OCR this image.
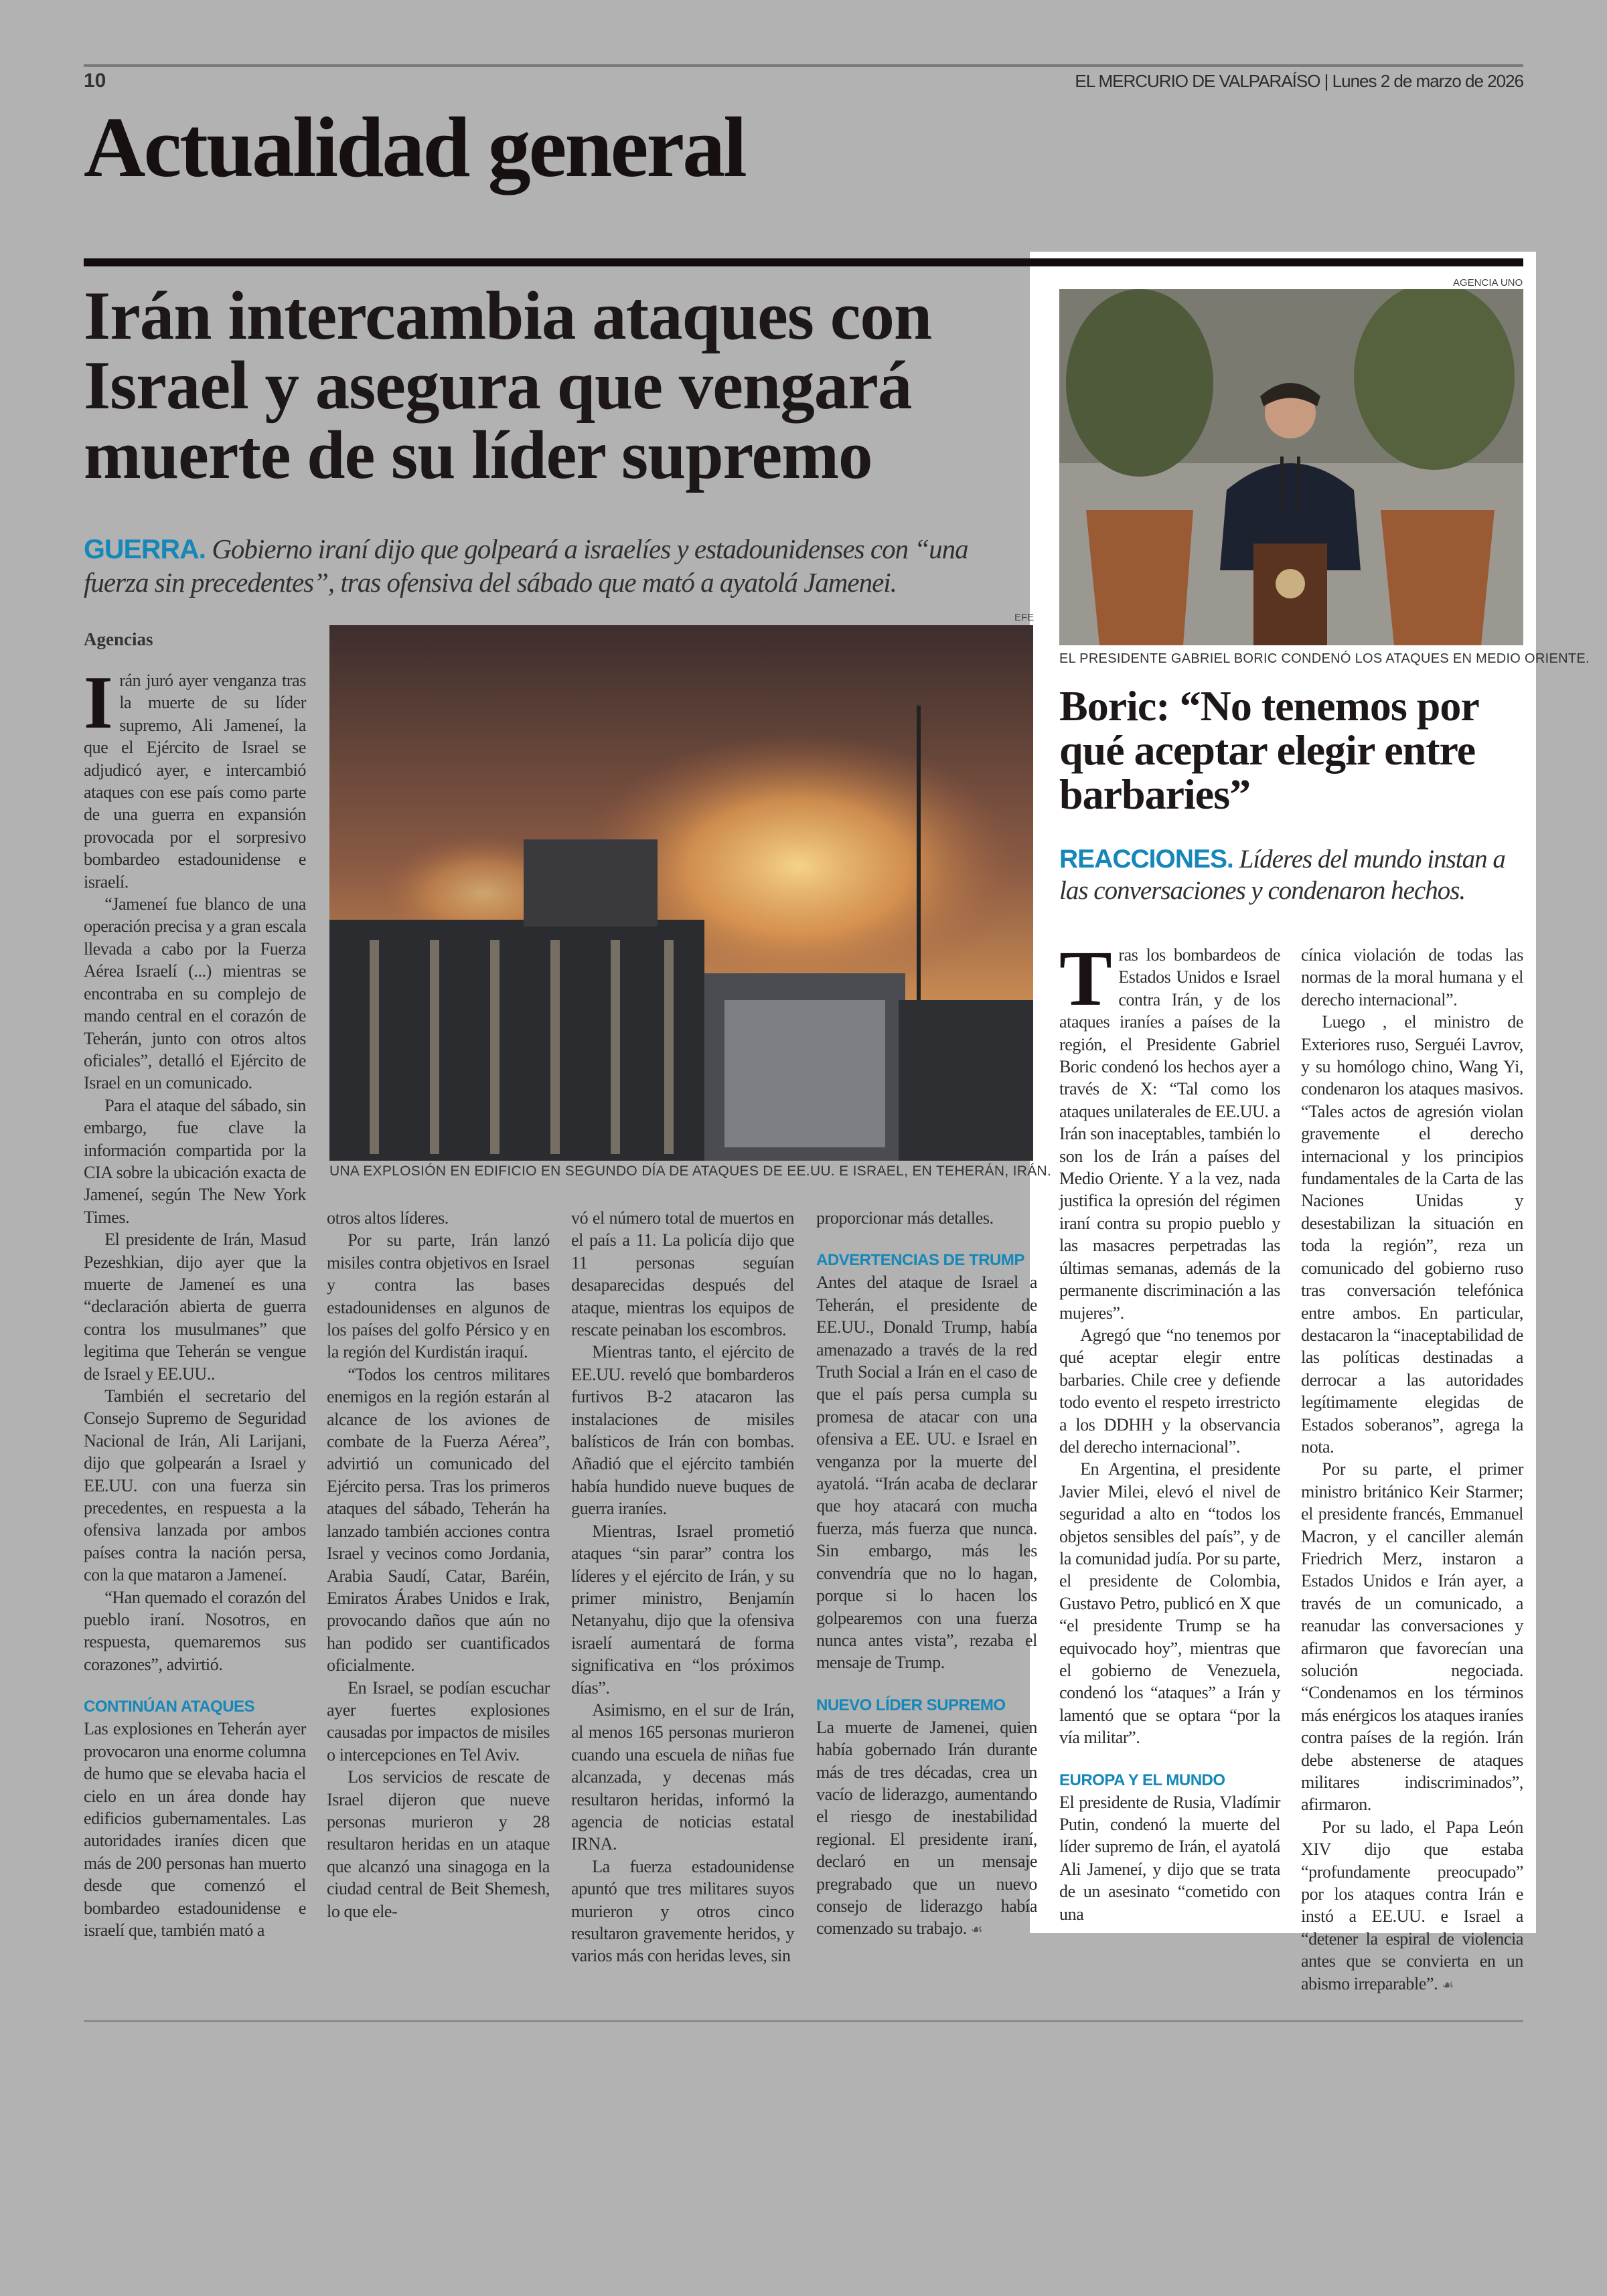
10	EL MERCURIO DE VALPARAÍSO | Lunes 2 de marzo de 2026
Actualidad general
Irán intercambia ataques con Israel y asegura que vengará muerte de su líder supremo
GUERRA. Gobierno iraní dijo que golpeará a israelíes y estadounidenses con “una fuerza sin precedentes”, tras ofensiva del sábado que mató a ayatolá Jamenei.
Agencias
EFE
UNA EXPLOSIÓN EN EDIFICIO EN SEGUNDO DÍA DE ATAQUES DE EE.UU. E ISRAEL, EN TEHERÁN, IRÁN.

Irán juró ayer venganza tras la muerte de su líder supremo, Ali Jameneí, la que el Ejército de Israel se adjudicó ayer, e intercambió ataques con ese país como parte de una guerra en expansión provocada por el sorpresivo bombardeo estadounidense e israelí.

“Jameneí fue blanco de una operación precisa y a gran escala llevada a cabo por la Fuerza Aérea Israelí (...) mientras se encontraba en su complejo de mando central en el corazón de Teherán, junto con otros altos oficiales”, detalló el Ejército de Israel en un comunicado.

Para el ataque del sábado, sin embargo, fue clave la información compartida por la CIA sobre la ubicación exacta de Jameneí, según The New York Times.

El presidente de Irán, Masud Pezeshkian, dijo ayer que la muerte de Jameneí es una “declaración abierta de guerra contra los musulmanes” que legitima que Teherán se vengue de Israel y EE.UU..

También el secretario del Consejo Supremo de Seguridad Nacional de Irán, Ali Larijani, dijo que golpearán a Israel y EE.UU. con una fuerza sin precedentes, en respuesta a la ofensiva lanzada por ambos países contra la nación persa, con la que mataron a Jameneí.

“Han quemado el corazón del pueblo iraní. Nosotros, en respuesta, quemaremos sus corazones”, advirtió.

CONTINÚAN ATAQUES

Las explosiones en Teherán ayer provocaron una enorme columna de humo que se elevaba hacia el cielo en un área donde hay edificios gubernamentales. Las autoridades iraníes dicen que más de 200 personas han muerto desde que comenzó el bombardeo estadounidense e israelí que, también mató a

otros altos líderes.

Por su parte, Irán lanzó misiles contra objetivos en Israel y contra las bases estadounidenses en algunos de los países del golfo Pérsico y en la región del Kurdistán iraquí.

“Todos los centros militares enemigos en la región estarán al alcance de los aviones de combate de la Fuerza Aérea”, advirtió un comunicado del Ejército persa. Tras los primeros ataques del sábado, Teherán ha lanzado también acciones contra Israel y vecinos como Jordania, Arabia Saudí, Catar, Baréin, Emiratos Árabes Unidos e Irak, provocando daños que aún no han podido ser cuantificados oficialmente.

En Israel, se podían escuchar ayer fuertes explosiones causadas por impactos de misiles o intercepciones en Tel Aviv.

Los servicios de rescate de Israel dijeron que nueve personas murieron y 28 resultaron heridas en un ataque que alcanzó una sinagoga en la ciudad central de Beit Shemesh, lo que ele-

vó el número total de muertos en el país a 11. La policía dijo que 11 personas seguían desaparecidas después del ataque, mientras los equipos de rescate peinaban los escombros.

Mientras tanto, el ejército de EE.UU. reveló que bombarderos furtivos B-2 atacaron las instalaciones de misiles balísticos de Irán con bombas. Añadió que el ejército también había hundido nueve buques de guerra iraníes.

Mientras, Israel prometió ataques “sin parar” contra los líderes y el ejército de Irán, y su primer ministro, Benjamín Netanyahu, dijo que la ofensiva israelí aumentará de forma significativa en “los próximos días”.

Asimismo, en el sur de Irán, al menos 165 personas murieron cuando una escuela de niñas fue alcanzada, y decenas más resultaron heridas, informó la agencia de noticias estatal IRNA.

La fuerza estadounidense apuntó que tres militares suyos murieron y otros cinco resultaron gravemente heridos, y varios más con heridas leves, sin

proporcionar más detalles.

ADVERTENCIAS DE TRUMP

Antes del ataque de Israel a Teherán, el presidente de EE.UU., Donald Trump, había amenazado a través de la red Truth Social a Irán en el caso de que el país persa cumpla su promesa de atacar con una ofensiva a EE. UU. e Israel en venganza por la muerte del ayatolá. “Irán acaba de declarar que hoy atacará con mucha fuerza, más fuerza que nunca. Sin embargo, más les convendría que no lo hagan, porque si lo hacen los golpearemos con una fuerza nunca antes vista”, rezaba el mensaje de Trump.

NUEVO LÍDER SUPREMO

La muerte de Jamenei, quien había gobernado Irán durante más de tres décadas, crea un vacío de liderazgo, aumentando el riesgo de inestabilidad regional. El presidente iraní, declaró en un mensaje pregrabado que un nuevo consejo de liderazgo había comenzado su trabajo. ☙

AGENCIA UNO
EL PRESIDENTE GABRIEL BORIC CONDENÓ LOS ATAQUES EN MEDIO ORIENTE.
Boric: “No tenemos por qué aceptar elegir entre barbaries”
REACCIONES. Líderes del mundo instan a las conversaciones y condenaron hechos.

Tras los bombardeos de Estados Unidos e Israel contra Irán, y de los ataques iraníes a países de la región, el Presidente Gabriel Boric condenó los hechos ayer a través de X: “Tal como los ataques unilaterales de EE.UU. a Irán son inaceptables, también lo son los de Irán a países del Medio Oriente. Y a la vez, nada justifica la opresión del régimen iraní contra su propio pueblo y las masacres perpetradas las últimas semanas, además de la permanente discriminación a las mujeres”.

Agregó que “no tenemos por qué aceptar elegir entre barbaries. Chile cree y defiende todo evento el respeto irrestricto a los DDHH y la observancia del derecho internacional”.

En Argentina, el presidente Javier Milei, elevó el nivel de seguridad a alto en “todos los objetos sensibles del país”, y de la comunidad judía. Por su parte, el presidente de Colombia, Gustavo Petro, publicó en X que “el presidente Trump se ha equivocado hoy”, mientras que el gobierno de Venezuela, condenó los “ataques” a Irán y lamentó que se optara “por la vía militar”.

EUROPA Y EL MUNDO

El presidente de Rusia, Vladímir Putin, condenó la muerte del líder supremo de Irán, el ayatolá Ali Jameneí, y dijo que se trata de un asesinato “cometido con una

cínica violación de todas las normas de la moral humana y el derecho internacional”.

Luego , el ministro de Exteriores ruso, Serguéi Lavrov, y su homólogo chino, Wang Yi, condenaron los ataques masivos. “Tales actos de agresión violan gravemente el derecho internacional y los principios fundamentales de la Carta de las Naciones Unidas y desestabilizan la situación en toda la región”, reza un comunicado del gobierno ruso tras conversación telefónica entre ambos. En particular, destacaron la “inaceptabilidad de las políticas destinadas a derrocar a las autoridades legítimamente elegidas de Estados soberanos”, agrega la nota.

Por su parte, el primer ministro británico Keir Starmer; el presidente francés, Emmanuel Macron, y el canciller alemán Friedrich Merz, instaron a Estados Unidos e Irán ayer, a través de un comunicado, a reanudar las conversaciones y afirmaron que favorecían una solución negociada. “Condenamos en los términos más enérgicos los ataques iraníes contra países de la región. Irán debe abstenerse de ataques militares indiscriminados”, afirmaron.

Por su lado, el Papa León XIV dijo que estaba “profundamente preocupado” por los ataques contra Irán e instó a EE.UU. e Israel a “detener la espiral de violencia antes que se convierta en un abismo irreparable”. ☙
